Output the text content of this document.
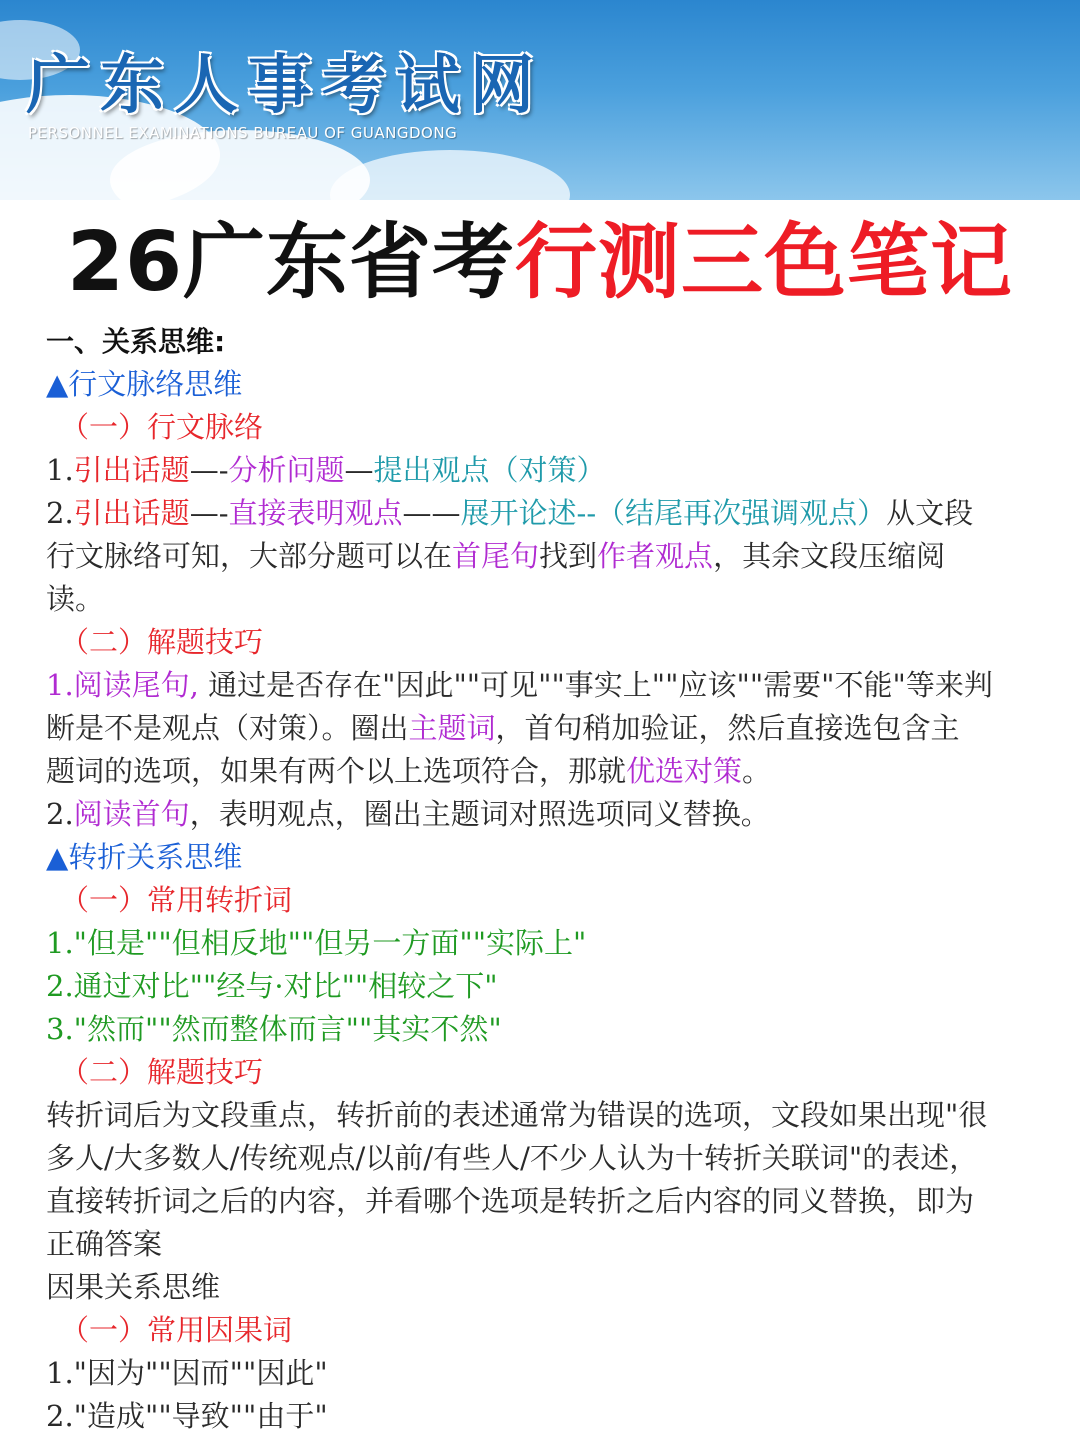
广东人事考试网
PERSONNEL EXAMINATIONS BUREAU OF GUANGDONG
26广东省考行测三色笔记

一、关系思维:

▲行文脉络思维

（一）行文脉络

1.引出话题—-分析问题—提出观点（对策）

2.引出话题—-直接表明观点——展开论述--（结尾再次强调观点）从文段

行文脉络可知，大部分题可以在首尾句找到作者观点，其余文段压缩阅

读。

（二）解题技巧

1.阅读尾句, 通过是否存在"因此""可见""事实上""应该""需要"不能"等来判

断是不是观点（对策）。圈出主题词，首句稍加验证，然后直接选包含主

题词的选项，如果有两个以上选项符合，那就优选对策。

2.阅读首句，表明观点，圈出主题词对照选项同义替换。

▲转折关系思维

（一）常用转折词

1."但是""但相反地""但另一方面""实际上"

2.通过对比""经与·对比""相较之下"

3."然而""然而整体而言""其实不然"

（二）解题技巧

转折词后为文段重点，转折前的表述通常为错误的选项，文段如果出现"很

多人/大多数人/传统观点/以前/有些人/不少人认为十转折关联词"的表述，

直接转折词之后的内容，并看哪个选项是转折之后内容的同义替换，即为

正确答案

因果关系思维

（一）常用因果词

1."因为""因而""因此"

2."造成""导致""由于"
